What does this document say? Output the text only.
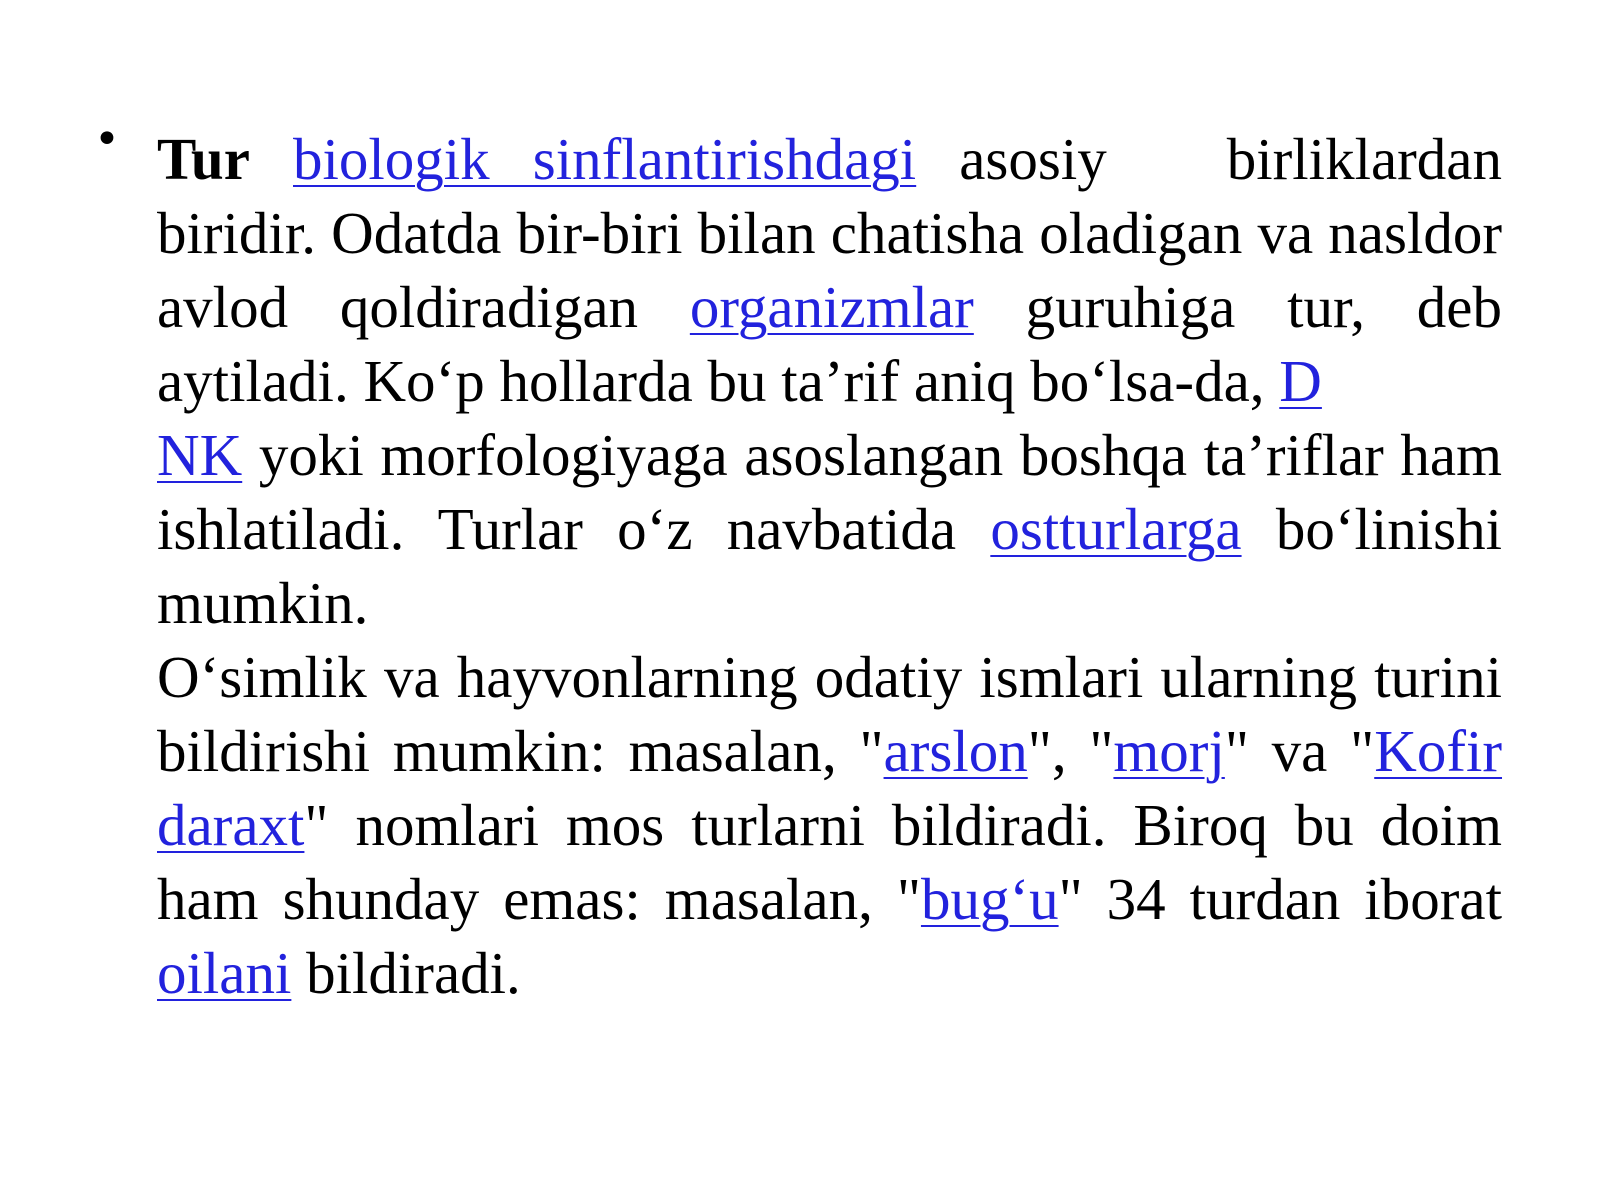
• Tur biologik sinflantirishdagi asosiy birliklardan biridir. Odatda bir-biri bilan chatisha oladigan va nasldor avlod qoldiradigan organizmlar guruhiga tur, deb aytiladi. Ko‘p hollarda bu ta’rif aniq bo‘lsa-da, D
NK yoki morfologiyaga asoslangan boshqa ta’riflar ham ishlatiladi. Turlar o‘z navbatida ostturlarga bo‘linishi mumkin.
O‘simlik va hayvonlarning odatiy ismlari ularning turini bildirishi mumkin: masalan, "arslon", "morj" va "Kofir daraxt" nomlari mos turlarni bildiradi. Biroq bu doim ham shunday emas: masalan, "bug‘u" 34 turdan iborat oilani bildiradi.
